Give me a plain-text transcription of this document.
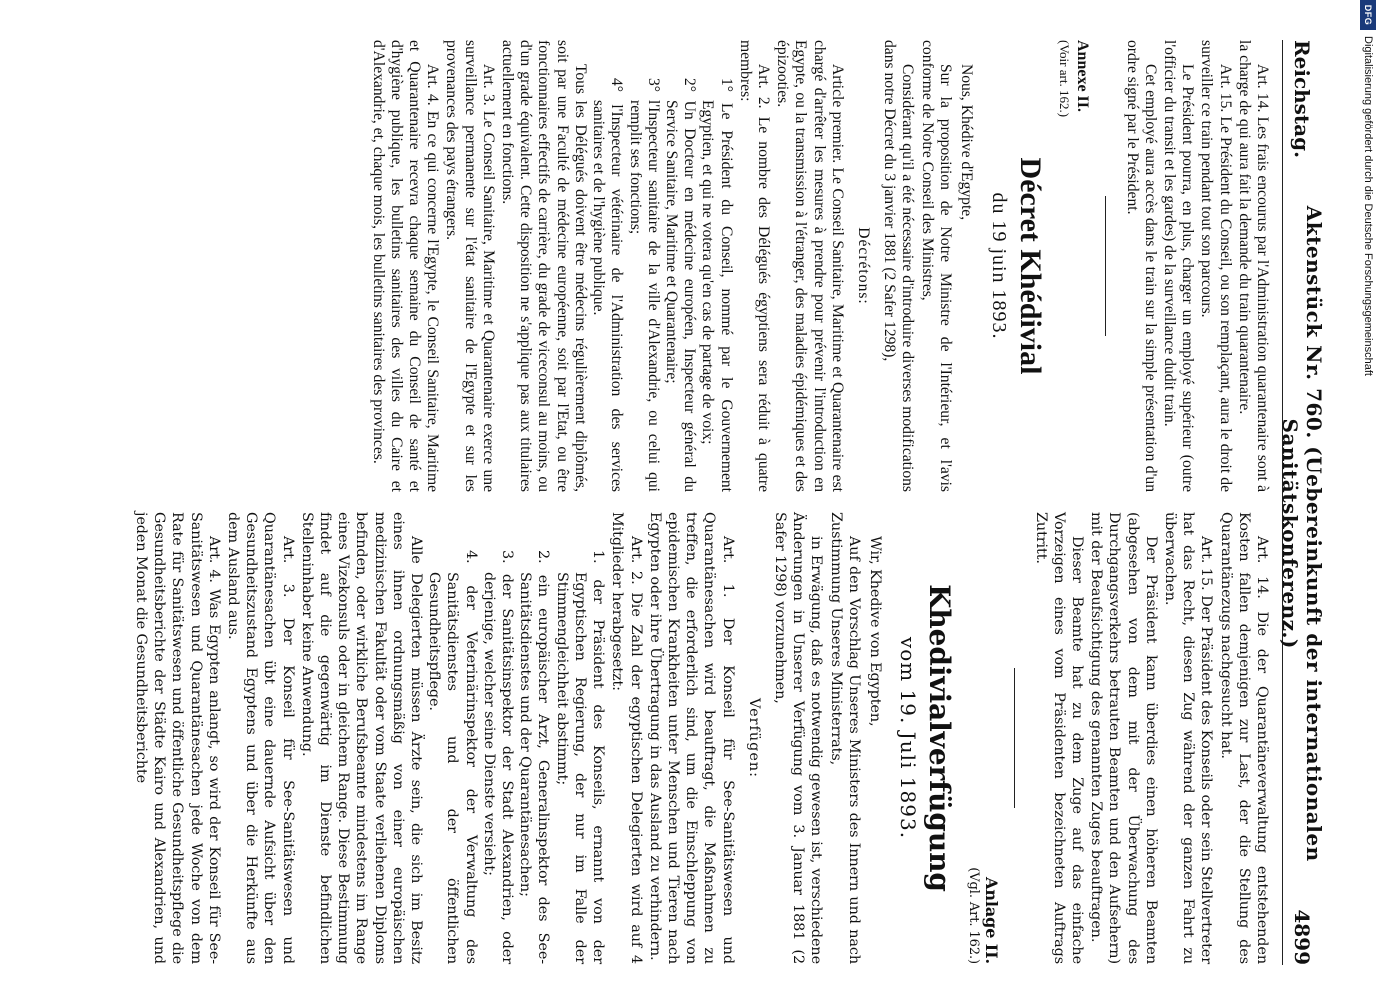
DFG
Digitalisierung gefördert durch die Deutsche Forschungsgemeinschaft
Reichstag.
Aktenstück Nr. 760. (Uebereinkunft der internationalen Sanitätskonferenz.)
4899

Art. 14. Les frais encourus par l'Administration quarantenaire sont à la charge de qui aura fait la demande du train quarantenaire.

Art. 15. Le Président du Conseil, ou son remplaçant, aura le droit de surveiller ce train pendant tout son parcours.

Le Président pourra, en plus, charger un employé supérieur (outre l'officier du transit et les gardes) de la surveillance dudit train.

Cet employé aura accès dans le train sur la simple présentation d'un ordre signé par le Président.

Annexe II.

(Voir art. 162.)

Décret Khédivial
du 19 juin 1893.

Nous, Khédive d'Egypte,

Sur la proposition de Notre Ministre de l'Intérieur, et l'avis conforme de Notre Conseil des Ministres,

Considérant qu'il a été nécessaire d'introduire diverses modifications dans notre Décret du 3 janvier 1881 (2 Safer 1298),

Décrétons:

Article premier. Le Conseil Sanitaire, Maritime et Quarantenaire est chargé d'arrêter les mesures à prendre pour prévenir l'introduction en Egypte, ou la transmission à l'étranger, des maladies épidémiques et des épizooties.

Art. 2. Le nombre des Délégués égyptiens sera réduit à quatre membres:

1° Le Président du Conseil, nommé par le Gouvernement Egyptien, et qui ne votera qu'en cas de partage de voix;

2° Un Docteur en médecine européen, Inspecteur général du Service Sanitaire, Maritime et Quarantenaire;

3° l'Inspecteur sanitaire de la ville d'Alexandrie, ou celui qui remplit ses fonctions;

4° l'Inspecteur vétérinaire de l'Administration des services sanitaires et de l'hygiène publique.

Tous les Délégués doivent être médecins régulièrement diplômés, soit par une Faculté de médecine européenne, soit par l'Etat, ou être fonctionnaires effectifs de carrière, du grade de viceconsul au moins, ou d'un grade équivalent. Cette disposition ne s'applique pas aux titulaires actuellement en fonctions.

Art. 3. Le Conseil Sanitaire, Maritime et Quarantenaire exerce une surveillance permanente sur l'état sanitaire de l'Egypte et sur les provenances des pays étrangers.

Art. 4. En ce qui concerne l'Egypte, le Conseil Sanitaire, Maritime et Quarantenaire recevra chaque semaine du Conseil de santé et d'hygiène publique, les bulletins sanitaires des villes du Caire et d'Alexandrie, et, chaque mois, les bulletins sanitaires des provinces.

Art. 14. Die der Quarantäneverwaltung entstehenden Kosten fallen demjenigen zur Last, der die Stellung des Quarantänezugs nachgesucht hat.

Art. 15. Der Präsident des Konseils oder sein Stellvertreter hat das Recht, diesen Zug während der ganzen Fahrt zu überwachen.

Der Präsident kann überdies einen höheren Beamten (abgesehen von dem mit der Überwachung des Durchgangsverkehrs betrauten Beamten und den Aufsehern) mit der Beaufsichtigung des genannten Zuges beauftragen.

Dieser Beamte hat zu dem Zuge auf das einfache Vorzeigen eines vom Präsidenten bezeichneten Auftrags Zutritt.

Anlage II.

(Vgl. Art. 162.)

Khedivialverfügung
vom 19. Juli 1893.

Wir, Khedive von Egypten,

Auf den Vorschlag Unseres Ministers des Innern und nach Zustimmung Unseres Ministerrats,

in Erwägung, daß es notwendig gewesen ist, verschiedene Änderungen in Unserer Verfügung vom 3. Januar 1881 (2 Safer 1298) vorzunehmen,

Verfügen:

Art. 1. Der Konseil für See-Sanitätswesen und Quarantänesachen wird beauftragt, die Maßnahmen zu treffen, die erforderlich sind, um die Einschleppung von epidemischen Krankheiten unter Menschen und Tieren nach Egypten oder ihre Übertragung in das Ausland zu verhindern.

Art. 2. Die Zahl der egyptischen Delegierten wird auf 4 Mitglieder herabgesetzt:

1. der Präsident des Konseils, ernannt von der Egyptischen Regierung, der nur im Falle der Stimmengleichheit abstimmt;

2. ein europäischer Arzt, Generalinspektor des See-Sanitätsdienstes und der Quarantänesachen;

3. der Sanitätsinspektor der Stadt Alexandrien, oder derjenige, welcher seine Dienste versieht;

4. der Veterinärinspektor der Verwaltung des Sanitätsdienstes und der öffentlichen Gesundheitspflege.

Alle Delegierten müssen Ärzte sein, die sich im Besitz eines ihnen ordnungsmäßig von einer europäischen medizinischen Fakultät oder vom Staate verliehenen Diploms befinden, oder wirkliche Berufsbeamte mindestens im Range eines Vizekonsuls oder in gleichem Range. Diese Bestimmung findet auf die gegenwärtig im Dienste befindlichen Stelleninhaber keine Anwendung.

Art. 3. Der Konseil für See-Sanitätswesen und Quarantänesachen übt eine dauernde Aufsicht über den Gesundheitszustand Egyptens und über die Herkünfte aus dem Ausland aus.

Art. 4. Was Egypten anlangt, so wird der Konseil für See-Sanitätswesen und Quarantänesachen jede Woche von dem Rate für Sanitätswesen und öffentliche Gesundheitspflege die Gesundheitsberichte der Städte Kairo und Alexandrien, und jeden Monat die Gesundheitsberichte
